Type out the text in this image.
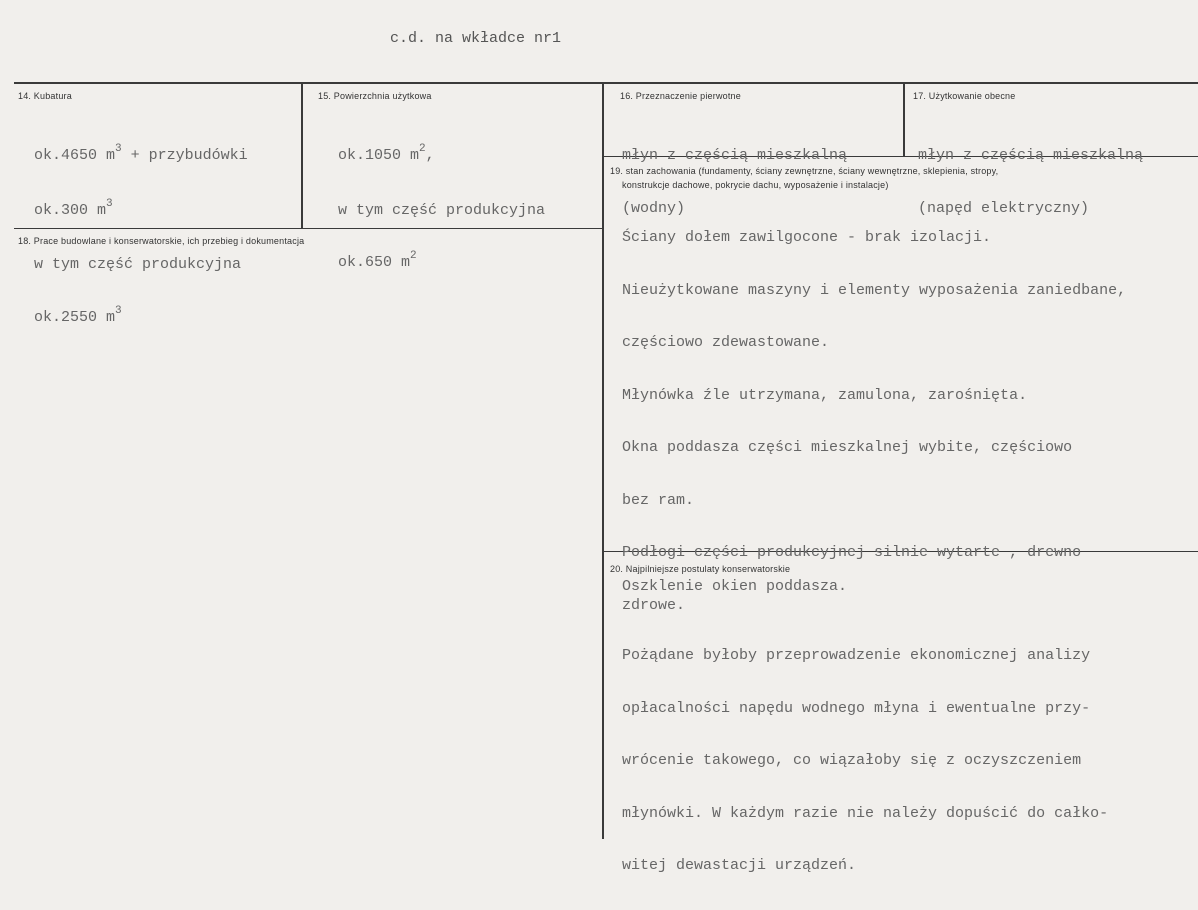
c.d. na wkładce nr1
14. Kubatura

ok.4650 $m^3$ + przybudówki

ok.300 $m^3$

w tym część produkcyjna

ok.2550 $m^3$

15. Powierzchnia użytkowa

ok.1050 $m^2$,

w tym część produkcyjna

ok.650 $m^2$

16. Przeznaczenie pierwotne

młyn z częścią mieszkalną

(wodny)

17. Użytkowanie obecne

młyn z częścią mieszkalną

(napęd elektryczny)

18. Prace budowlane i konserwatorskie, ich przebieg i dokumentacja
19. stan zachowania (fundamenty, ściany zewnętrzne, ściany wewnętrzne, sklepienia, stropy,
konstrukcje dachowe, pokrycie dachu, wyposażenie i instalacje)

Ściany dołem zawilgocone - brak izolacji.

Nieużytkowane maszyny i elementy wyposażenia zaniedbane,

częściowo zdewastowane.

Młynówka źle utrzymana, zamulona, zarośnięta.

Okna poddasza części mieszkalnej wybite, częściowo

bez ram.

Podłogi części produkcyjnej silnie wytarte , drewno

zdrowe.

20. Najpilniejsze postulaty konserwatorskie
Oszklenie okien poddasza.

Pożądane byłoby przeprowadzenie ekonomicznej analizy

opłacalności napędu wodnego młyna i ewentualne przy-

wrócenie takowego, co wiązałoby się z oczyszczeniem

młynówki. W każdym razie nie należy dopuścić do całko-

witej dewastacji urządzeń.
